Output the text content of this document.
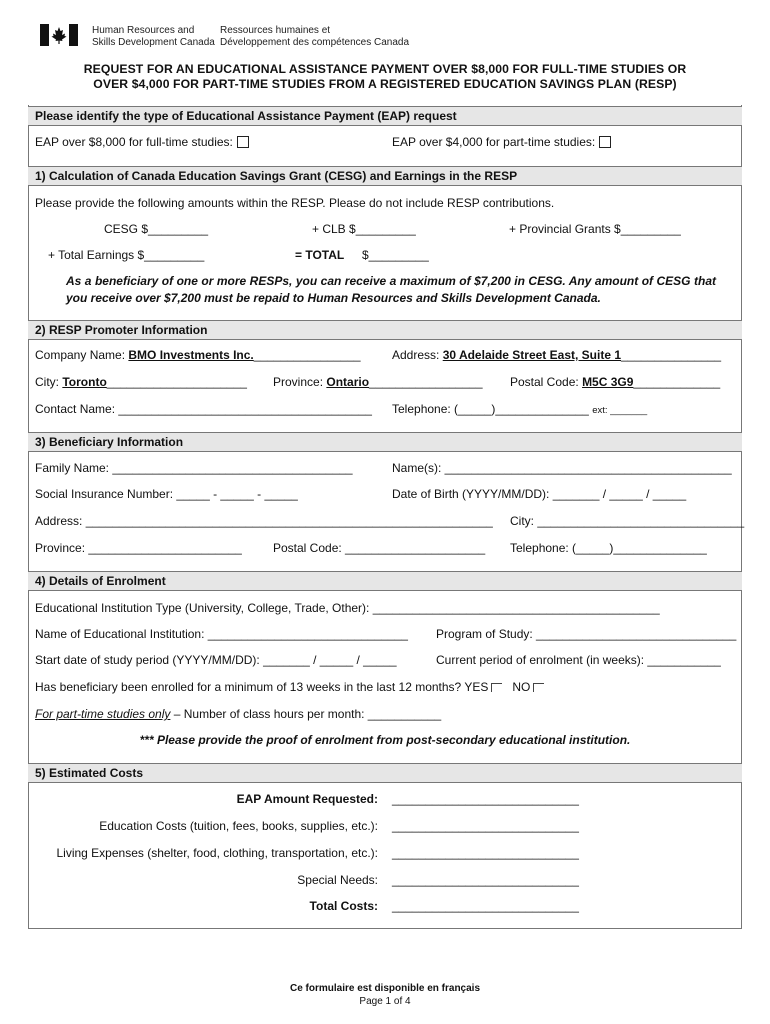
Human Resources and
Skills Development Canada
Ressources humaines et
Développement des compétences Canada
REQUEST FOR AN EDUCATIONAL ASSISTANCE PAYMENT OVER $8,000 FOR FULL-TIME STUDIES OR
OVER $4,000 FOR PART-TIME STUDIES FROM A REGISTERED EDUCATION SAVINGS PLAN (RESP)
Please identify the type of Educational Assistance Payment (EAP) request
EAP over $8,000 for full-time studies:	EAP over $4,000 for part-time studies:
1) Calculation of Canada Education Savings Grant (CESG) and Earnings in the RESP
Please provide the following amounts within the RESP. Please do not include RESP contributions.
CESG $_________	+ CLB $_________	+ Provincial Grants $_________
+ Total Earnings $_________	= TOTAL $_________
As a beneficiary of one or more RESPs, you can receive a maximum of $7,200 in CESG. Any amount of CESG that you receive over $7,200 must be repaid to Human Resources and Skills Development Canada.
2) RESP Promoter Information
Company Name: BMO Investments Inc.________________	Address: 30 Adelaide Street East, Suite 1_______________
City: Toronto_____________________ Province: Ontario_________________ Postal Code: M5C 3G9_____________
Contact Name: ______________________________________ Telephone: (_____)______________ ext: _______
3) Beneficiary Information
Family Name: ____________________________________	Name(s): ___________________________________________
Social Insurance Number: _____ - _____ - _____	Date of Birth (YYYY/MM/DD): _______ / _____ / _____
Address: _____________________________________________________________ City: _______________________________
Province: _______________________	Postal Code: _____________________ Telephone: (_____)______________
4) Details of Enrolment
Educational Institution Type (University, College, Trade, Other): ___________________________________________
Name of Educational Institution: ______________________________ Program of Study: ______________________________
Start date of study period (YYYY/MM/DD): _______ / _____ / _____	Current period of enrolment (in weeks): ___________
Has beneficiary been enrolled for a minimum of 13 weeks in the last 12 months? YES NO
For part-time studies only – Number of class hours per month: ___________
*** Please provide the proof of enrolment from post-secondary educational institution.
5) Estimated Costs
EAP Amount Requested: ____________________________
Education Costs (tuition, fees, books, supplies, etc.): ____________________________
Living Expenses (shelter, food, clothing, transportation, etc.): ____________________________
Special Needs: ____________________________
Total Costs: ____________________________
Ce formulaire est disponible en français
Page 1 of 4
